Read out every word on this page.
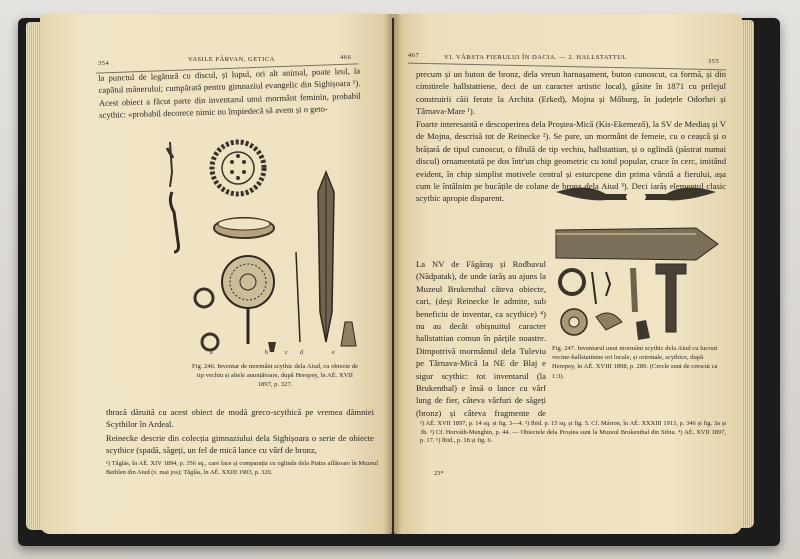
354
VASILE PÂRVAN, GETICA	466

la punctul de legătură cu discul, și lupul, ori alt animal, poate leul, la capătul mânerului; cumpărată pentru gimnaziul evangelic din Sighișoara ¹). Acest obiect a făcut parte din inventarul unui mormânt feminin, probabil scythic: «probabil decorece nimic nu împiedecă să avem și o geto-

a	b	c d	e

Fig. 246. Inventar de mormânt scythic dela Aiud, cu obiecte de tip vechiu și altele anunțătoare, după Herepey, în AÉ. XVII 1897, p. 327.

thracă dăruită cu acest obiect de modă greco-scythică pe vremea dămniei Scythilor în Ardeal.

Reinecke descrie din colecția gimnaziului dela Sighișoara o serie de obiecte scythice (spadă, săgeți, un fel de mică lance cu vârf de bronz,

¹) Tăglás, în AÉ. XIV 1894, p. 356 sq., care face și comparația cu oglinda dela Piatra aflătoare în Muzeul Bethlen din Aiud (v. mai jos); Tăglás, în AÉ. XXIII 1903, p. 320.

467	VI. VÂRSTA FIERULUI ÎN DACIA. — 2. HALLSTATTUL
355

precum și un buton de bronz, dela vreun harnașament, buton cunoscut, ca formă, și din cimitirele hallstattiene, deci de un caracter artistic local), găsite în 1871 cu prilejul construirii căii ferate la Archita (Erked), Mojna și Mőburg, în județele Odorhei și Târnava-Mare ¹).

Foarte interesantă e descoperirea dela Proștea-Mică (Kis-Ekemező), la SV de Mediaș și V de Mojna, descrisă tot de Reinecke ²). Se pare, un mormânt de femeie, cu o ceașcă și o brățară de tipul cunoscut, o fibulă de tip vechiu, hallstattian, și o oglindă (păstrat numai discul) ornamentată pe dos într'un chip geometric cu totul popular, cruce în cerc, imitând evident, în chip simplist motivele central și esturcpene din prima vârstă a fierului, așa cum le întâlnim pe bucățile de colane de bronz dela Aiud ³). Deci iarăș elementul clasic scythic apropie disparent.

La NV de Făgăraș și Rodbavul (Nădpatak), de unde iarăș au ajuns la Muzeul Brukenthal câteva obiecte, cari, (deși Reinecke le admite, sub beneficiu de inventar, ca scythice) ⁴) nu au decât obișnuitul caracter hallstattian comun în părțile noastre. Dimpotrivă mormântul dela Tuleviu pe Târnava-Mică la NE de Blaj e sigur scythic: tot inventarul (la Brukenthal) e însă o lance cu vârf lung de fier, câteva vârfuri de săgeți (bronz) și câteva fragmente de

Fig. 247. Inventarul unui mormânt scythic dela Aiud cu lucruri vecine-hallstattiene ori locale, și orientale, scythice, după Herepey, în AÉ. XVIII 1898, p. 289. (Cercle sunt de crescut ca 1:3).

¹) AÉ. XVII 1897, p. 14 sq. și fig. 3—4. ²) Ibid. p. 15 sq. și fig. 5. Cf. Márton, în AÉ. XXXIII 1913, p. 346 și fig. 3a și 3b. ³) Cf. Horváth-Menghin, p. 44. — Obiectele dela Proștea sunt la Muzeul Brukenthal din Sibiu. ⁴) AÉ. XVII 1897, p. 17. ⁵) Ibid., p. 18 și fig. 6.

23*
